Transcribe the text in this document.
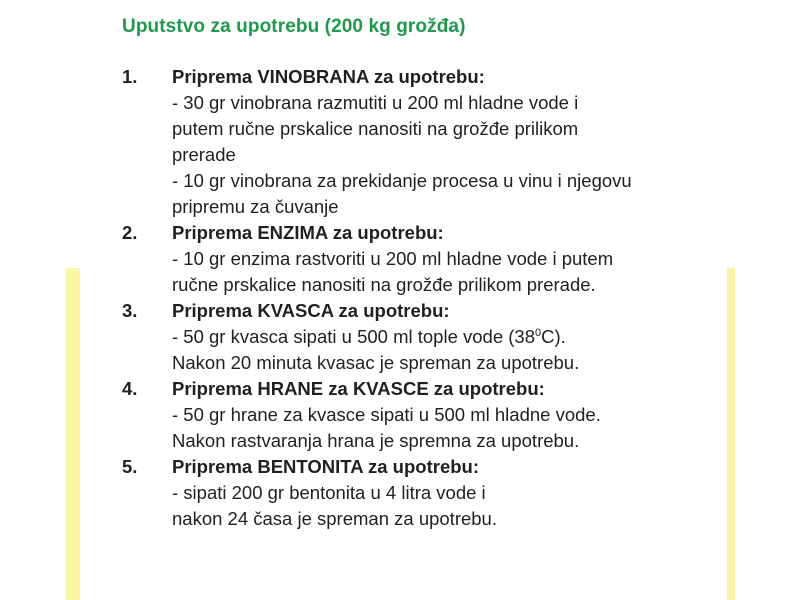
Uputstvo za upotrebu (200 kg grožđa)
1. Priprema VINOBRANA za upotrebu:
- 30 gr vinobrana razmutiti u 200 ml hladne vode i
putem ručne prskalice nanositi na grožđe prilikom
prerade
- 10 gr vinobrana za prekidanje procesa u vinu i njegovu
pripremu za čuvanje
2. Priprema ENZIMA za upotrebu:
- 10 gr enzima rastvoriti u 200 ml hladne vode i putem
ručne prskalice nanositi na grožđe prilikom prerade.
3. Priprema KVASCA za upotrebu:
- 50 gr kvasca sipati u 500 ml tople vode $(38^0C)$.
Nakon 20 minuta kvasac je spreman za upotrebu.
4. Priprema HRANE za KVASCE za upotrebu:
- 50 gr hrane za kvasce sipati u 500 ml hladne vode.
Nakon rastvaranja hrana je spremna za upotrebu.
5. Priprema BENTONITA za upotrebu:
- sipati 200 gr bentonita u 4 litra vode i
nakon 24 časa je spreman za upotrebu.
